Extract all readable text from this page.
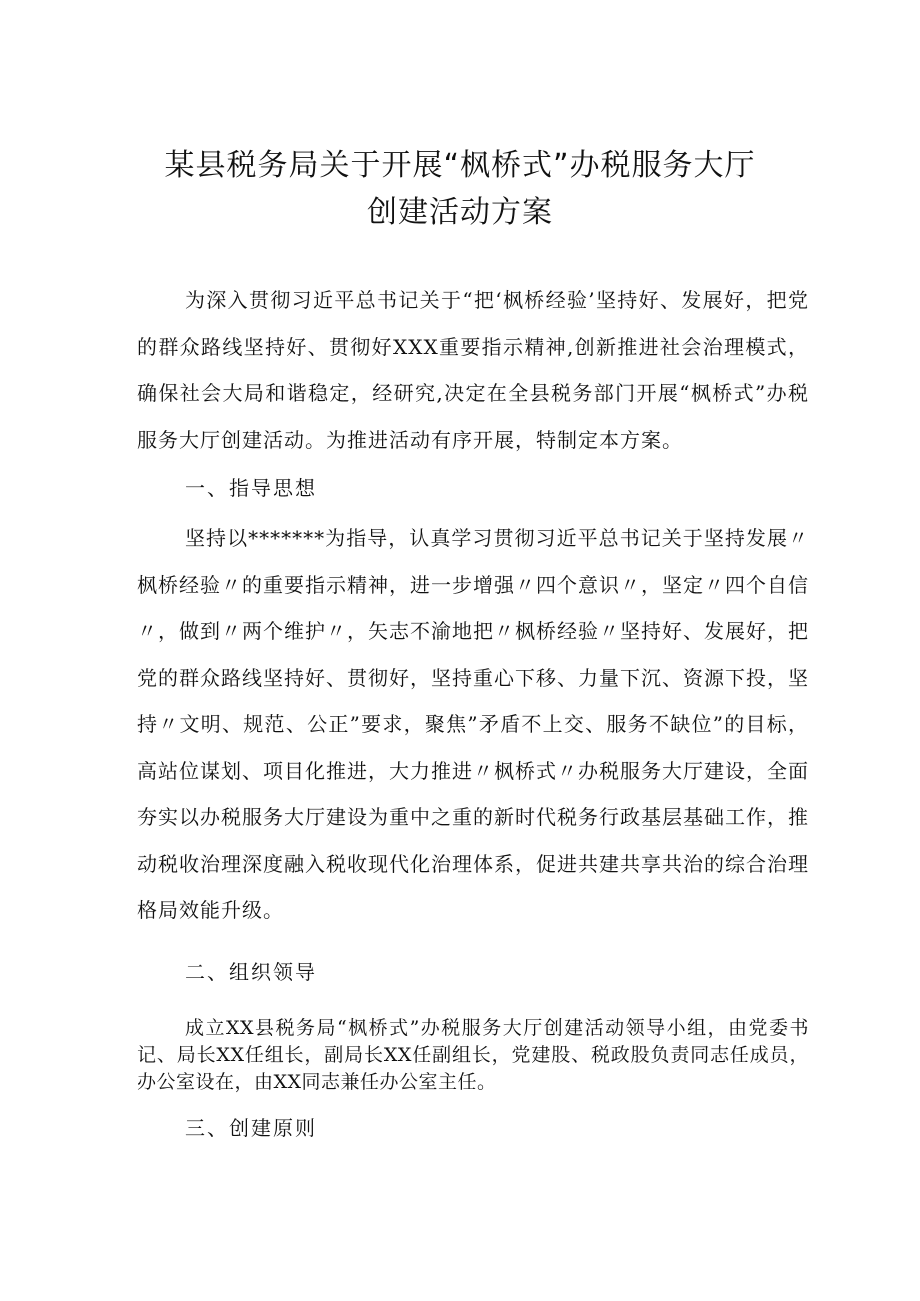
某县税务局关于开展“枫桥式”办税服务大厅
创建活动方案

为深入贯彻习近平总书记关于“把‘枫桥经验’坚持好、发展好，把党的群众路线坚持好、贯彻好XXX重要指示精神,创新推进社会治理模式，确保社会大局和谐稳定，经研究,决定在全县税务部门开展“枫桥式”办税服务大厅创建活动。为推进活动有序开展，特制定本方案。

一、指导思想

坚持以*******为指导，认真学习贯彻习近平总书记关于坚持发展〃枫桥经验〃的重要指示精神，进一步增强〃四个意识〃，坚定〃四个自信〃，做到〃两个维护〃，矢志不渝地把〃枫桥经验〃坚持好、发展好，把党的群众路线坚持好、贯彻好，坚持重心下移、力量下沉、资源下投，坚持〃文明、规范、公正”要求，聚焦”矛盾不上交、服务不缺位”的目标，高站位谋划、项目化推进，大力推进〃枫桥式〃办税服务大厅建设，全面夯实以办税服务大厅建设为重中之重的新时代税务行政基层基础工作，推动税收治理深度融入税收现代化治理体系，促进共建共享共治的综合治理格局效能升级。

二、组织领导

成立XX县税务局“枫桥式”办税服务大厅创建活动领导小组，由党委书记、局长XX任组长，副局长XX任副组长，党建股、税政股负责同志任成员，办公室设在，由XX同志兼任办公室主任。

三、创建原则
